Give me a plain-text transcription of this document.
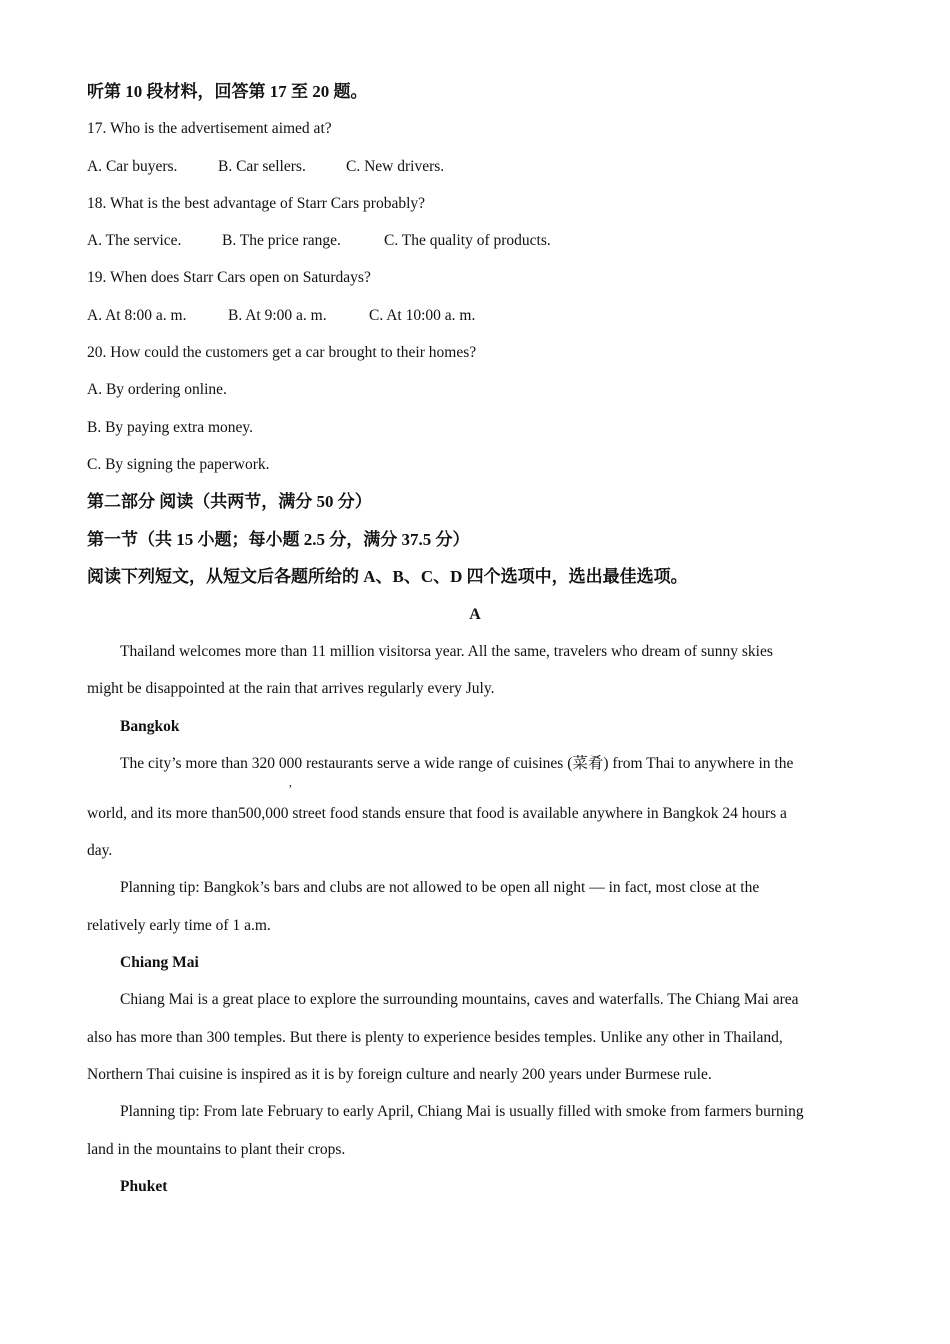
听第 10 段材料，回答第 17 至 20 题。
17. Who is the advertisement aimed at?
A. Car buyers.	B. Car sellers.	C. New drivers.
18. What is the best advantage of Starr Cars probably?
A. The service.	B. The price range.	C. The quality of products.
19. When does Starr Cars open on Saturdays?
A. At 8:00 a. m.	B. At 9:00 a. m.	C. At 10:00 a. m.
20. How could the customers get a car brought to their homes?
A. By ordering online.
B. By paying extra money.
C. By signing the paperwork.
第二部分 阅读（共两节，满分 50 分）
第一节（共 15 小题；每小题 2.5 分，满分 37.5 分）
阅读下列短文，从短文后各题所给的 A、B、C、D 四个选项中，选出最佳选项。
A
Thailand welcomes more than 11 million visitorsa year. All the same, travelers who dream of sunny skies
might be disappointed at the rain that arrives regularly every July.
Bangkok
The city’s more than 320 000 restaurants serve a wide range of cuisines (菜肴) from Thai to anywhere in the
,
world, and its more than500,000 street food stands ensure that food is available anywhere in Bangkok 24 hours a
day.
Planning tip: Bangkok’s bars and clubs are not allowed to be open all night — in fact, most close at the
relatively early time of 1 a.m.
Chiang Mai
Chiang Mai is a great place to explore the surrounding mountains, caves and waterfalls. The Chiang Mai area
also has more than 300 temples. But there is plenty to experience besides temples. Unlike any other in Thailand,
Northern Thai cuisine is inspired as it is by foreign culture and nearly 200 years under Burmese rule.
Planning tip: From late February to early April, Chiang Mai is usually filled with smoke from farmers burning
land in the mountains to plant their crops.
Phuket
